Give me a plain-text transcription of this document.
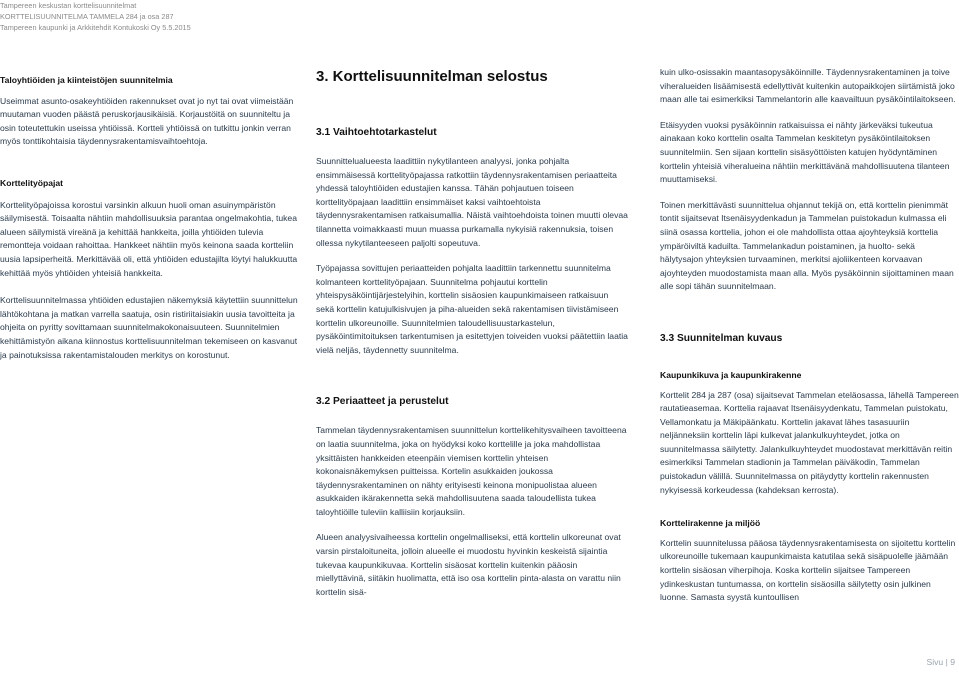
Tampereen keskustan korttelisuunnitelmat
KORTTELISUUNNITELMA TAMMELA 284 ja osa 287
Tampereen kaupunki ja Arkkitehdit Kontukoski Oy 5.5.2015
Taloyhtiöiden ja kiinteistöjen suunnitelmia

Useimmat asunto-osakeyhtiöiden rakennukset ovat jo nyt tai ovat viimeistään muutaman vuoden päästä peruskorjausikäisiä. Korjaustöitä on suunniteltu ja osin toteutettukin useissa yhtiöissä. Kortteli yhtiöissä on tutkittu jonkin verran myös tonttikohtaisia täydennysrakentamisvaihtoehtoja.

Korttelityöpajat

Korttelityöpajoissa korostui varsinkin alkuun huoli oman asuinympäristön säilymisestä. Toisaalta nähtiin mahdollisuuksia parantaa ongelmakohtia, tukea alueen säilymistä vireänä ja kehittää hankkeita, joilla yhtiöiden tulevia remontteja voidaan rahoittaa. Hankkeet nähtiin myös keinona saada kortteliin uusia lapsiperheitä. Merkittävää oli, että yhtiöiden edustajilta löytyi halukkuutta kehittää myös yhtiöiden yhteisiä hankkeita.

Korttelisuunnitelmassa yhtiöiden edustajien näkemyksiä käytettiin suunnittelun lähtökohtana ja matkan varrella saatuja, osin ristiriitaisiakin uusia tavoitteita ja ohjeita on pyritty sovittamaan suunnitelmakokonaisuuteen. Suunnitelmien kehittämistyön aikana kiinnostus korttelisuunnitelman tekemiseen on kasvanut ja painotuksissa rakentamistalouden merkitys on korostunut.

3. Korttelisuunnitelman selostus
3.1 Vaihtoehtotarkastelut

Suunnittelualueesta laadittiin nykytilanteen analyysi, jonka pohjalta ensimmäisessä korttelityöpajassa ratkottiin täydennysrakentamisen periaatteita yhdessä taloyhtiöiden edustajien kanssa. Tähän pohjautuen toiseen korttelityöpajaan laadittiin ensimmäiset kaksi vaihtoehtoista täydennysrakentamisen ratkaisumallia. Näistä vaihtoehdoista toinen muutti olevaa tilannetta voimakkaasti muun muassa purkamalla nykyisiä rakennuksia, toisen ollessa nykytilanteeseen paljolti sopeutuva.

Työpajassa sovittujen periaatteiden pohjalta laadittiin tarkennettu suunnitelma kolmanteen korttelityöpajaan. Suunnitelma pohjautui korttelin yhteispysäköintijärjestelyihin, korttelin sisäosien kaupunkimaiseen ratkaisuun sekä korttelin katujulkisivujen ja piha-alueiden sekä rakentamisen tiivistämiseen korttelin ulkoreunoille. Suunnitelmien taloudellisuustarkastelun, pysäköintimitoituksen tarkentumisen ja esitettyjen toiveiden vuoksi päätettiin laatia vielä neljäs, täydennetty suunnitelma.

3.2 Periaatteet ja perustelut

Tammelan täydennysrakentamisen suunnittelun korttelikehitysvaiheen tavoitteena on laatia suunnitelma, joka on hyödyksi koko korttelille ja joka mahdollistaa yksittäisten hankkeiden eteenpäin viemisen korttelin yhteisen kokonaisnäkemyksen puitteissa. Kortelin asukkaiden joukossa täydennysrakentaminen on nähty erityisesti keinona monipuolistaa alueen asukkaiden ikärakennetta sekä mahdollisuutena saada taloudellista tukea taloyhtiöille tuleviin kalliisiin korjauksiin.

Alueen analyysivaiheessa korttelin ongelmalliseksi, että korttelin ulkoreunat ovat varsin pirstaloituneita, jolloin alueelle ei muodostu hyvinkin keskeistä sijaintia tukevaa kaupunkikuvaa. Korttelin sisäosat korttelin kuitenkin pääosin miellyttävinä, siitäkin huolimatta, että iso osa korttelin pinta-alasta on varattu niin korttelin sisä-

kuin ulko-osissakin maantasopysäköinnille. Täydennysrakentaminen ja toive viheralueiden lisäämisestä edellyttivät kuitenkin autopaikkojen siirtämistä joko maan alle tai esimerkiksi Tammelantorin alle kaavailtuun pysäköintilaitokseen.

Etäisyyden vuoksi pysäköinnin ratkaisuissa ei nähty järkeväksi tukeutua ainakaan koko korttelin osalta Tammelan keskitetyn pysäköintilaitoksen suunnitelmiin. Sen sijaan korttelin sisäsyöttöisten katujen hyödyntäminen korttelin yhteisiä viheralueina nähtiin merkittävänä mahdollisuutena tilanteen muuttamiseksi.

Toinen merkittävästi suunnittelua ohjannut tekijä on, että korttelin pienimmät tontit sijaitsevat Itsenäisyydenkadun ja Tammelan puistokadun kulmassa eli siinä osassa korttelia, johon ei ole mahdollista ottaa ajoyhteyksiä korttelia ympäröiviltä kaduilta. Tammelankadun poistaminen, ja huolto- sekä hälytysajon yhteyksien turvaaminen, merkitsi ajoliikenteen korvaavan ajoyhteyden muodostamista maan alla. Myös pysäköinnin sijoittaminen maan alle sopi tähän suunnitelmaan.

3.3 Suunnitelman kuvaus
Kaupunkikuva ja kaupunkirakenne

Korttelit 284 ja 287 (osa) sijaitsevat Tammelan eteläosassa, lähellä Tampereen rautatieasemaa. Korttelia rajaavat Itsenäisyydenkatu, Tammelan puistokatu, Vellamonkatu ja Mäkipäänkatu. Korttelin jakavat lähes tasasuuriin neljänneksiin korttelin läpi kulkevat jalankulkuyhteydet, jotka on suunnitelmassa säilytetty. Jalankulkuyhteydet muodostavat merkittävän reitin esimerkiksi Tammelan stadionin ja Tammelan päiväkodin, Tammelan puistokadun välillä. Suunnitelmassa on pitäydytty korttelin rakennusten nykyisessä korkeudessa (kahdeksan kerrosta).

Korttelirakenne ja miljöö

Korttelin suunnitelussa pääosa täydennysrakentamisesta on sijoitettu korttelin ulkoreunoille tukemaan kaupunkimaista katutilaa sekä sisäpuolelle jäämään korttelin sisäosan viherpihoja. Koska korttelin sijaitsee Tampereen ydinkeskustan tuntumassa, on korttelin sisäosilla säilytetty osin julkinen luonne. Samasta syystä kuntoullisen

Sivu | 9
